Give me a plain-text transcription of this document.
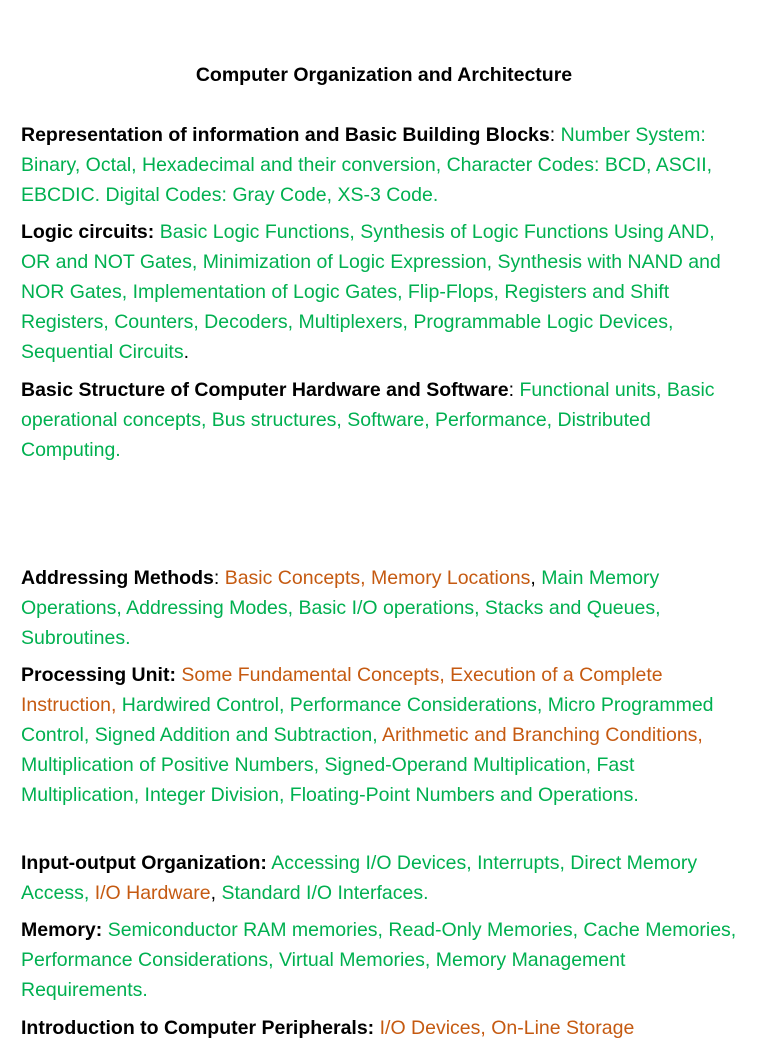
Computer Organization and Architecture

Representation of information and Basic Building Blocks: Number System: Binary, Octal, Hexadecimal and their conversion, Character Codes: BCD, ASCII, EBCDIC. Digital Codes: Gray Code, XS-3 Code.

Logic circuits: Basic Logic Functions, Synthesis of Logic Functions Using AND, OR and NOT Gates, Minimization of Logic Expression, Synthesis with NAND and NOR Gates, Implementation of Logic Gates, Flip-Flops, Registers and Shift Registers, Counters, Decoders, Multiplexers, Programmable Logic Devices, Sequential Circuits.

Basic Structure of Computer Hardware and Software: Functional units, Basic operational concepts, Bus structures, Software, Performance, Distributed Computing.

Addressing Methods: Basic Concepts, Memory Locations, Main Memory Operations, Addressing Modes, Basic I/O operations, Stacks and Queues, Subroutines.

Processing Unit: Some Fundamental Concepts, Execution of a Complete Instruction, Hardwired Control, Performance Considerations, Micro Programmed Control, Signed Addition and Subtraction, Arithmetic and Branching Conditions, Multiplication of Positive Numbers, Signed-Operand Multiplication, Fast Multiplication, Integer Division, Floating-Point Numbers and Operations.

Input-output Organization: Accessing I/O Devices, Interrupts, Direct Memory Access, I/O Hardware, Standard I/O Interfaces.

Memory: Semiconductor RAM memories, Read-Only Memories, Cache Memories, Performance Considerations, Virtual Memories, Memory Management Requirements.

Introduction to Computer Peripherals: I/O Devices, On-Line Storage
